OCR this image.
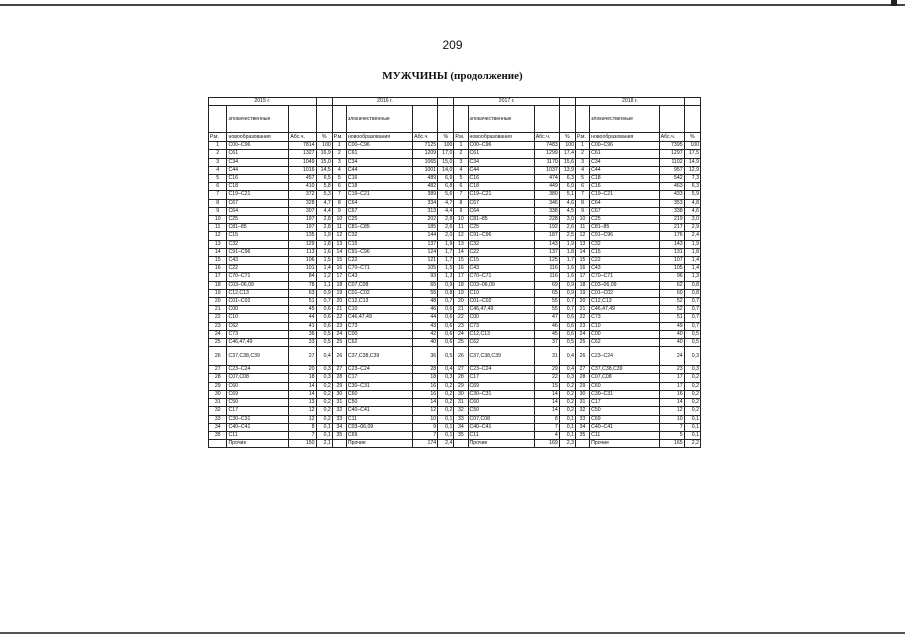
209
МУЖЧИНЫ (продолжение)
2015 г.				2016 г.				2017 г.				2018 г.			
	злокачественные				злокачественные				злокачественные				злокачественные		
Р.м.	новообразования	Абс.ч.	%	Р.м.	новообразования	Абс.ч.	%	Р.м.	новообразования	Абс.ч.	%	Р.м.	новообразования	Абс.ч.	%
1	C00–C96	7814	100	1	C00–C96	7125	100	1	C00–C96	7483	100	1	C00–C96	7395	100
2	C61	1327	16,9	2	C61	1209	17,0	2	C61	1299	17,4	2	C61	1297	17,5
3	C34	1049	15,0	3	C34	1065	15,0	3	C34	1170	15,6	3	C34	1102	14,9
4	C44	1016	14,5	4	C44	1001	14,0	4	C44	1037	13,9	4	C44	957	12,9
5	C16	457	6,5	5	C16	489	6,9	5	C16	474	6,3	5	C18	542	7,3
6	C18	410	5,8	6	C18	482	6,8	6	C18	449	6,0	6	C16	463	6,3
7	C19–C21	372	5,3	7	C19–C21	389	5,6	7	C19–C21	380	5,1	7	C19–C21	433	5,9
8	C67	328	4,7	8	C64	334	4,7	8	C67	346	4,6	8	C64	353	4,8
9	C64	307	4,4	9	C67	313	4,4	9	C64	338	4,5	9	C67	338	4,6
10	C25	197	2,8	10	C25	202	2,8	10	C81–85	228	3,0	10	C25	219	3,0
11	C81–85	197	2,8	11	C81–C85	185	2,6	11	C25	192	2,6	11	C81–85	217	2,9
12	C15	135	1,9	12	C32	144	2,0	12	C91–C96	187	2,5	12	C91–C96	176	2,4
13	C32	129	1,8	13	C15	137	1,9	13	C32	143	1,9	13	C32	143	1,9
14	C91–C96	113	1,6	14	C91–C96	124	1,7	14	C22	137	1,8	14	C15	131	1,8
15	C43	106	1,5	15	C22	121	1,7	15	C15	125	1,7	15	C22	107	1,4
16	C22	101	1,4	16	C70–C71	105	1,5	16	C43	116	1,6	16	C43	105	1,4
17	C70–C71	84	1,2	17	C43	93	1,3	17	C70–C71	116	1,6	17	C70–C71	96	1,3
18	C03–06,09	78	1,1	18	C07,C08	65	0,9	18	C03–06,09	69	0,9	18	C03–06,09	62	0,8
19	C12,C13	63	0,9	19	C01–C02	55	0,8	19	C10	65	0,9	19	C01–C02	60	0,8
20	C01–C02	51	0,7	20	C12,C13	48	0,7	20	C01–C02	55	0,7	20	C12,C13	52	0,7
21	C00	45	0,6	21	C10	46	0,6	21	C46,47,49	55	0,7	21	C46,47,49	52	0,7
22	C10	44	0,6	22	C46,47,49	44	0,6	22	C00	47	0,6	22	C73	51	0,7
23	C62	41	0,6	23	C73	43	0,6	23	C73	46	0,6	23	C10	49	0,7
24	C73	36	0,5	24	C00	42	0,6	24	C12,C13	45	0,6	24	C00	40	0,5
25	C46,47,49	33	0,5	25	C62	40	0,6	25	C62	37	0,5	25	C62	40	0,5
26	C37,C38,C39	27	0,4	26	C37,C38,C39	36	0,5	26	C37,C38,C39	31	0,4	26	C23–C24	24	0,3
27	C23–C24	20	0,3	27	C23–C24	28	0,4	27	C23–C24	29	0,4	27	C37,C38,C39	23	0,3
28	C07,C08	18	0,3	28	C17	18	0,3	28	C17	22	0,3	28	C07,C08	17	0,2
29	C60	14	0,2	29	C30–C31	16	0,2	29	C69	15	0,2	29	C60	17	0,2
30	C69	14	0,2	30	C60	16	0,2	30	C30–C31	14	0,2	30	C30–C31	16	0,2
31	C50	13	0,2	31	C50	14	0,2	31	C60	14	0,2	31	C17	14	0,2
32	C17	12	0,2	32	C40–C41	12	0,2	32	C50	14	0,2	32	C50	12	0,2
33	C30–C31	12	0,2	33	C11	10	0,1	33	C07,C08	8	0,1	33	C69	10	0,1
34	C40–C41	8	0,1	34	C03–06,09	9	0,1	34	C40–C41	7	0,1	34	C40–C41	7	0,1
35	C11	7	0,1	35	C69	7	0,1	35	C11	4	0,1	35	C11	5	0,1
	Прочие	150	2,1		Прочие	174	2,4		Прочие	169	2,3		Прочие	165	2,2
